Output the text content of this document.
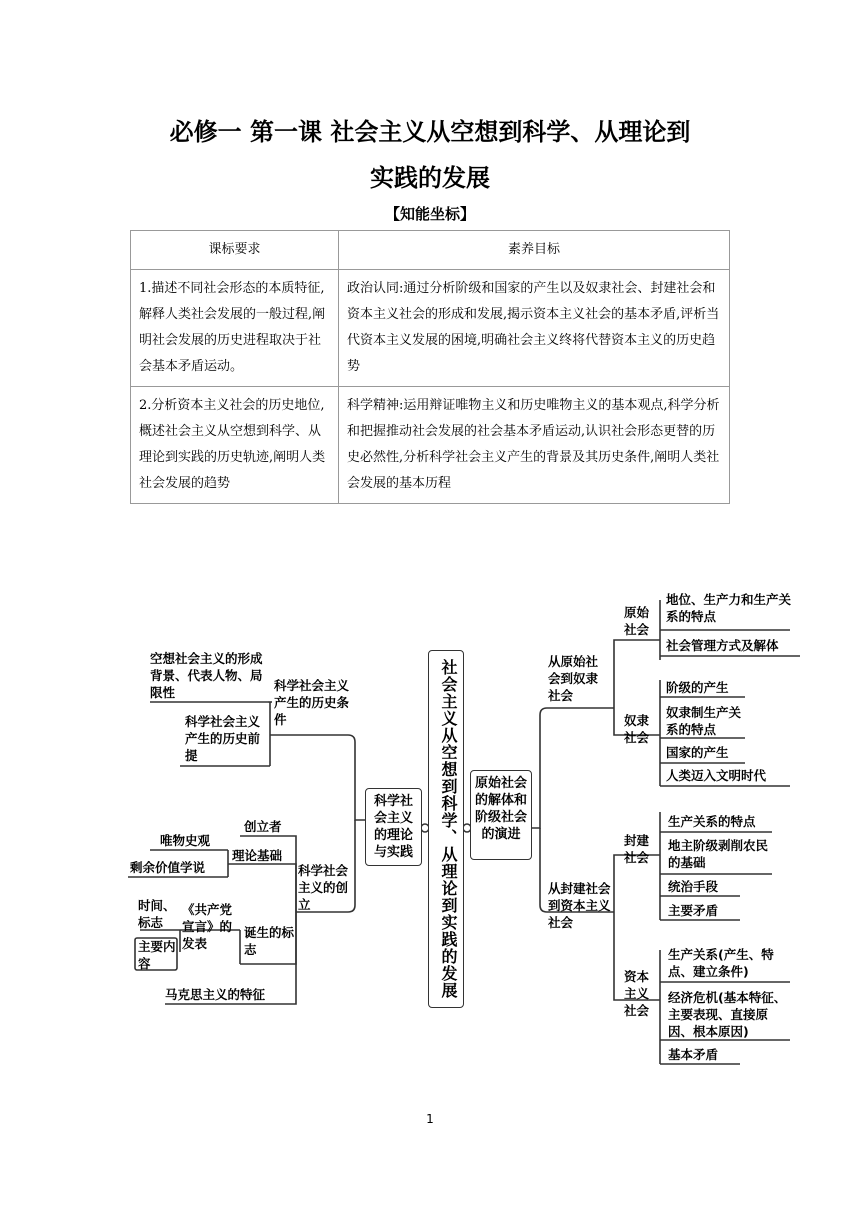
必修一 第一课 社会主义从空想到科学、从理论到
实践的发展
【知能坐标】
课标要求	素养目标
1.描述不同社会形态的本质特征,解释人类社会发展的一般过程,阐明社会发展的历史进程取决于社会基本矛盾运动。	政治认同:通过分析阶级和国家的产生以及奴隶社会、封建社会和资本主义社会的形成和发展,揭示资本主义社会的基本矛盾,评析当代资本主义发展的困境,明确社会主义终将代替资本主义的历史趋势
2.分析资本主义社会的历史地位,概述社会主义从空想到科学、从理论到实践的历史轨迹,阐明人类社会发展的趋势	科学精神:运用辩证唯物主义和历史唯物主义的基本观点,科学分析和把握推动社会发展的社会基本矛盾运动,认识社会形态更替的历史必然性,分析科学社会主义产生的背景及其历史条件,阐明人类社会发展的基本历程
社会主义从空想到科学、从理论到实践的发展
科学社会主义的理论与实践
原始社会的解体和阶级社会的演进
科学社会主义产生的历史条件
空想社会主义的形成背景、代表人物、局限性
科学社会主义产生的历史前提
科学社会主义的创立
创立者
理论基础
唯物史观
剩余价值学说
诞生的标志
《共产党宣言》的发表
时间、标志
主要内容
马克思主义的特征
从原始社会到奴隶社会
原始社会
地位、生产力和生产关系的特点
社会管理方式及解体
奴隶社会
阶级的产生
奴隶制生产关系的特点
国家的产生
人类迈入文明时代
从封建社会到资本主义社会
封建社会
生产关系的特点
地主阶级剥削农民的基础
统治手段
主要矛盾
资本主义社会
生产关系(产生、特点、建立条件)
经济危机(基本特征、主要表现、直接原因、根本原因)
基本矛盾
1
